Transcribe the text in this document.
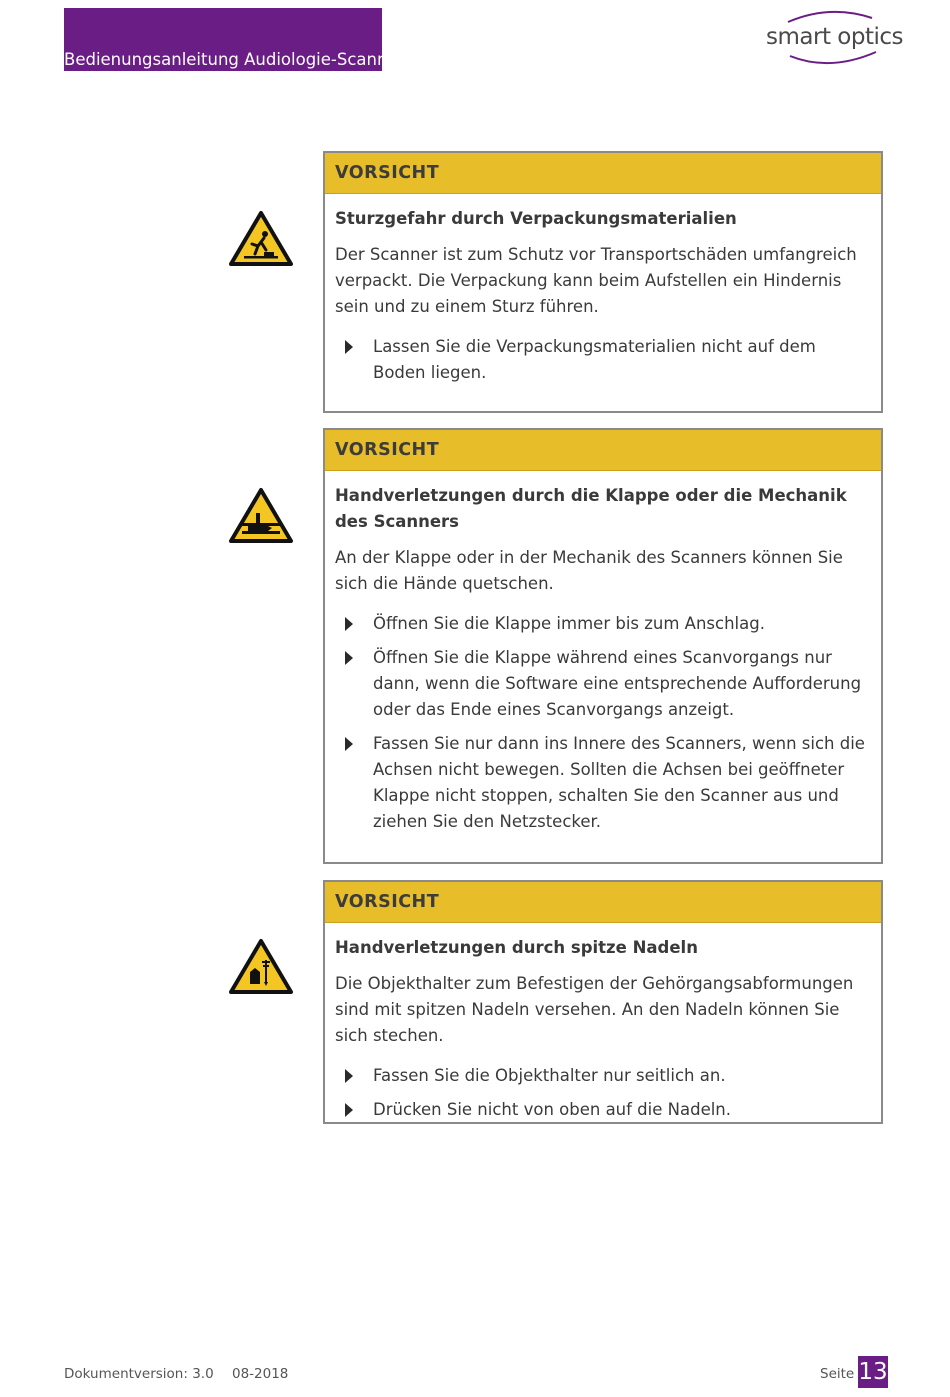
Bedienungsanleitung Audiologie-Scanner
smart optics
VORSICHT
Sturzgefahr durch Verpackungsmaterialien
Der Scanner ist zum Schutz vor Transportschäden umfangreich verpackt. Die Verpackung kann beim Aufstellen ein Hindernis sein und zu einem Sturz führen.
Lassen Sie die Verpackungsmaterialien nicht auf dem Boden liegen.
VORSICHT
Handverletzungen durch die Klappe oder die Mechanik des Scanners
An der Klappe oder in der Mechanik des Scanners können Sie sich die Hände quetschen.
Öffnen Sie die Klappe immer bis zum Anschlag.
Öffnen Sie die Klappe während eines Scanvorgangs nur dann, wenn die Software eine entsprechende Aufforderung oder das Ende eines Scanvorgangs anzeigt.
Fassen Sie nur dann ins Innere des Scanners, wenn sich die Achsen nicht bewegen. Sollten die Achsen bei geöffneter Klappe nicht stoppen, schalten Sie den Scanner aus und ziehen Sie den Netzstecker.
VORSICHT
Handverletzungen durch spitze Nadeln
Die Objekthalter zum Befestigen der Gehörgangsabformungen sind mit spitzen Nadeln versehen. An den Nadeln können Sie sich stechen.
Fassen Sie die Objekthalter nur seitlich an.
Drücken Sie nicht von oben auf die Nadeln.
Dokumentversion: 3.0 08-2018	Seite 13
